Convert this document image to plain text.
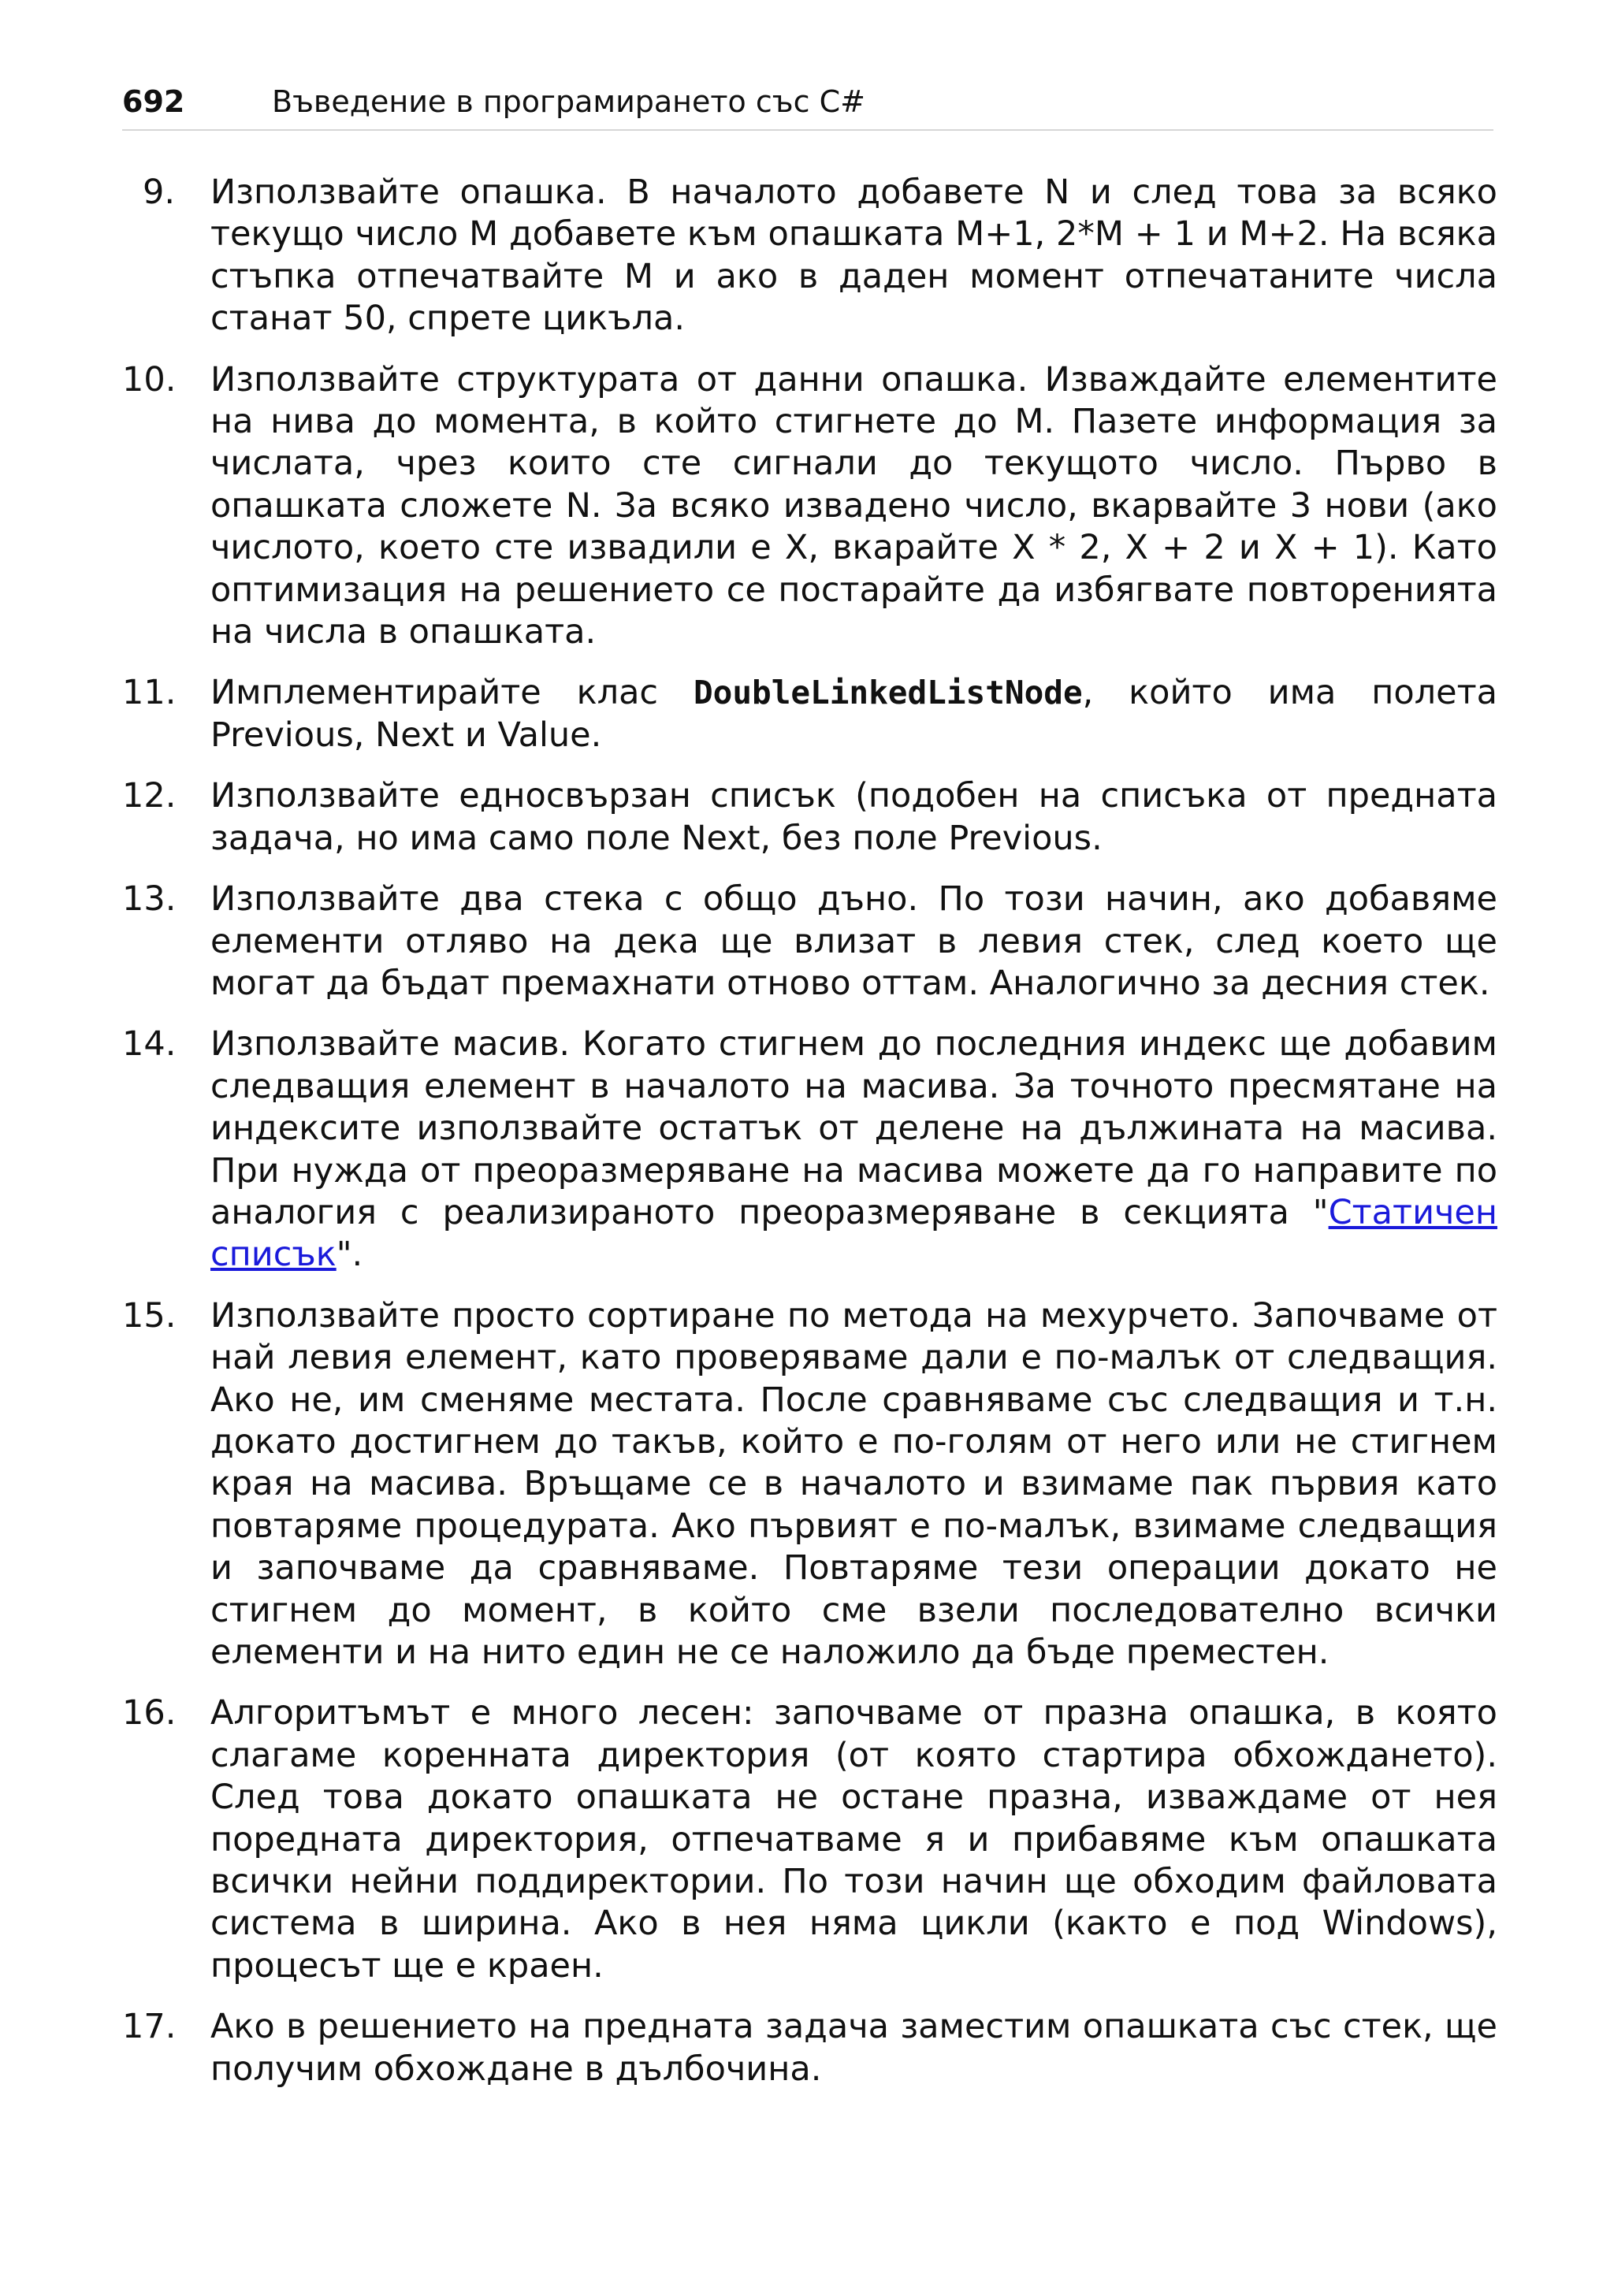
692	Въведение в програмирането със C#
9.	Използвайте опашка. В началото добавете N и след това за всяко текущо число M добавете към опашката M+1, 2*M + 1 и M+2. На всяка стъпка отпечатвайте M и ако в даден момент отпечатаните числа станат 50, спрете цикъла.
10.	Използвайте структурата от данни опашка. Изваждайте елементите на нива до момента, в който стигнете до M. Пазете информация за числата, чрез които сте сигнали до текущото число. Първо в опашката сложете N. За всяко извадено число, вкарвайте 3 нови (ако числото, което сте извадили е X, вкарайте X * 2, X + 2 и X + 1). Като оптимизация на решението се постарайте да избягвате повторенията на числа в опашката.
11.	Имплементирайте клас DoubleLinkedListNode, който има полета Previous, Next и Value.
12.	Използвайте едносвързан списък (подобен на списъка от предната задача, но има само поле Next, без поле Previous.
13.	Използвайте два стека с общо дъно. По този начин, ако добавяме елементи отляво на дека ще влизат в левия стек, след което ще могат да бъдат премахнати отново оттам. Аналогично за десния стек.
14.	Използвайте масив. Когато стигнем до последния индекс ще добавим следващия елемент в началото на масива. За точното пресмятане на индексите използвайте остатък от делене на дължината на масива. При нужда от преоразмеряване на масива можете да го направите по аналогия с реализираното преоразмеряване в секцията "Статичен списък".
15.	Използвайте просто сортиране по метода на мехурчето. Започваме от най левия елемент, като проверяваме дали е по-малък от следващия. Ако не, им сменяме местата. После сравняваме със следващия и т.н. докато достигнем до такъв, който е по-голям от него или не стигнем края на масива. Връщаме се в началото и взимаме пак първия като повтаряме процедурата. Ако първият е по-малък, взимаме следващия и започваме да сравняваме. Повтаряме тези операции докато не стигнем до момент, в който сме взели последователно всички елементи и на нито един не се наложило да бъде преместен.
16.	Алгоритъмът е много лесен: започваме от празна опашка, в която слагаме коренната директория (от която стартира обхождането). След това докато опашката не остане празна, изваждаме от нея поредната директория, отпечатваме я и прибавяме към опашката всички нейни поддиректории. По този начин ще обходим файловата система в ширина. Ако в нея няма цикли (както е под Windows), процесът ще е краен.
17.	Ако в решението на предната задача заместим опашката със стек, ще получим обхождане в дълбочина.
